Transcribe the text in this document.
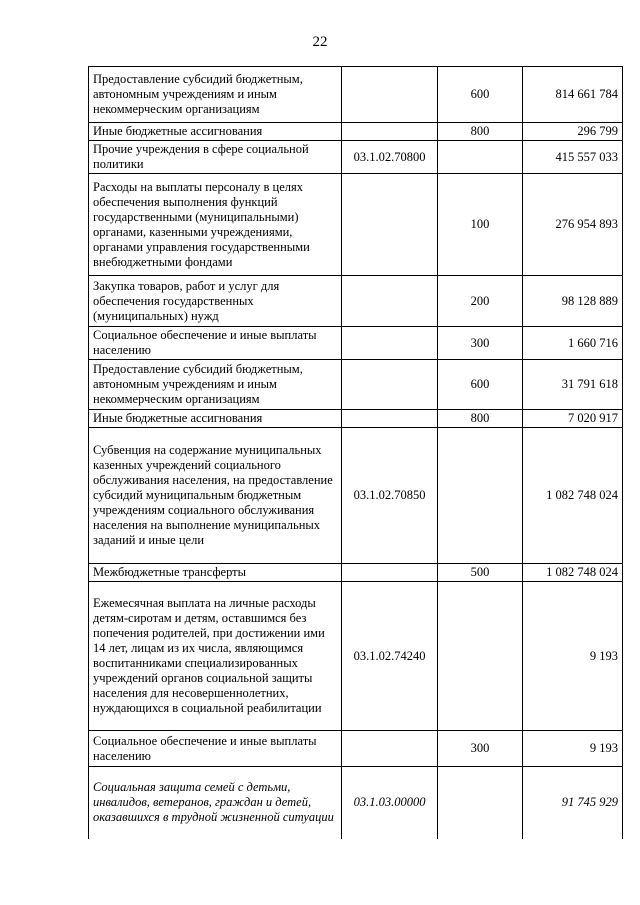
22
Предоставление субсидий бюджетным, автономным учреждениям и иным некоммерческим организациям		600	814 661 784
Иные бюджетные ассигнования		800	296 799
Прочие учреждения в сфере социальной политики	03.1.02.70800		415 557 033
Расходы на выплаты персоналу в целях обеспечения выполнения функций государственными (муниципальными) органами, казенными учреждениями, органами управления государственными внебюджетными фондами		100	276 954 893
Закупка товаров, работ и услуг для обеспечения государственных (муниципальных) нужд		200	98 128 889
Социальное обеспечение и иные выплаты населению		300	1 660 716
Предоставление субсидий бюджетным, автономным учреждениям и иным некоммерческим организациям		600	31 791 618
Иные бюджетные ассигнования		800	7 020 917
Субвенция на содержание муниципальных казенных учреждений социального обслуживания населения, на предоставление субсидий муниципальным бюджетным учреждениям социального обслуживания населения на выполнение муниципальных заданий и иные цели	03.1.02.70850		1 082 748 024
Межбюджетные трансферты		500	1 082 748 024
Ежемесячная выплата на личные расходы детям-сиротам и детям, оставшимся без попечения родителей, при достижении ими 14 лет, лицам из их числа, являющимся воспитанниками специализированных учреждений органов социальной защиты населения для несовершеннолетних, нуждающихся в социальной реабилитации	03.1.02.74240		9 193
Социальное обеспечение и иные выплаты населению		300	9 193
Социальная защита семей с детьми, инвалидов, ветеранов, граждан и детей, оказавшихся в трудной жизненной ситуации	03.1.03.00000		91 745 929
